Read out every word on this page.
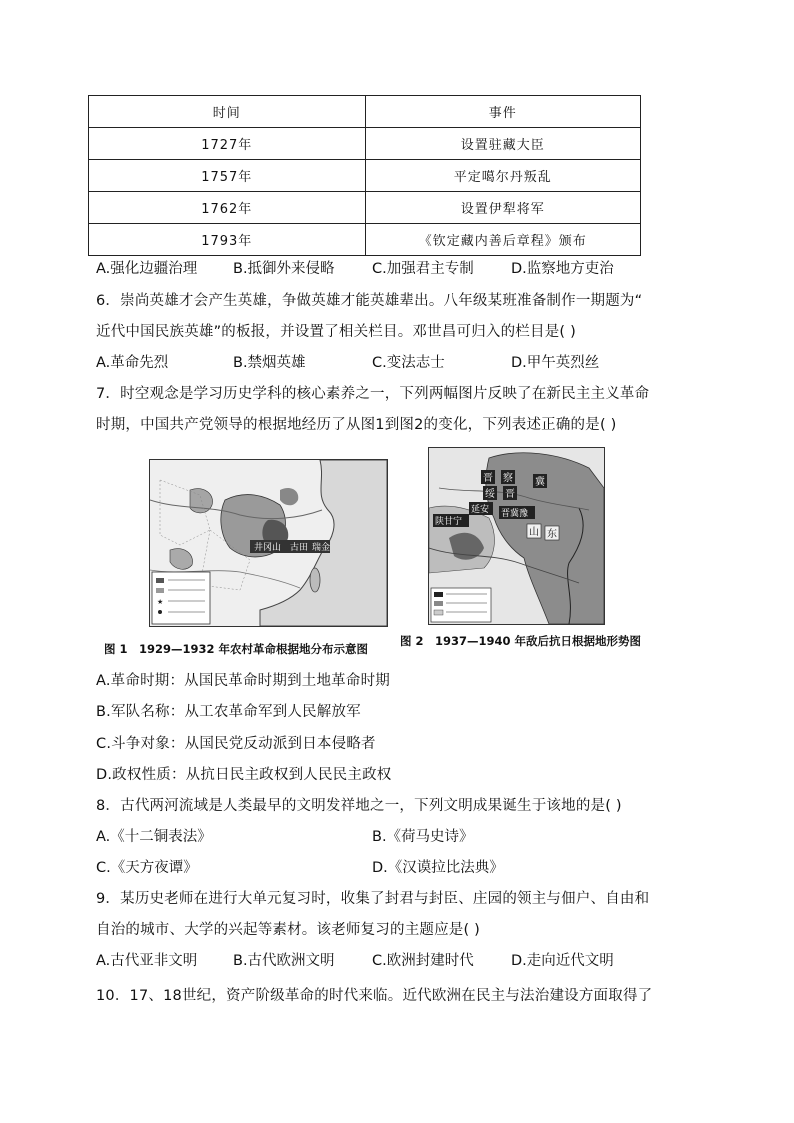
时间	事件
1727年	设置驻藏大臣
1757年	平定噶尔丹叛乱
1762年	设置伊犁将军
1793年	《钦定藏内善后章程》颁布
A.强化边疆治理 B.抵御外来侵略	C.加强君主专制	D.监察地方吏治
6．崇尚英雄才会产生英雄，争做英雄才能英雄辈出。八年级某班准备制作一期题为“
近代中国民族英雄”的板报，并设置了相关栏目。邓世昌可归入的栏目是( )
A.革命先烈	B.禁烟英雄	C.变法志士	D.甲午英烈丝
7．时空观念是学习历史学科的核心素养之一，下列两幅图片反映了在新民主主义革命
时期，中国共产党领导的根据地经历了从图1到图2的变化，下列表述正确的是( )
★
井冈山 古田 瑞金
图 1　1929—1932 年农村革命根据地分布示意图
晋 察 冀
绥 晋
延安 晋冀豫
陕甘宁
山 东
图 2　1937—1940 年敌后抗日根据地形势图
A.革命时期：从国民革命时期到土地革命时期
B.军队名称：从工农革命军到人民解放军
C.斗争对象：从国民党反动派到日本侵略者
D.政权性质：从抗日民主政权到人民民主政权
8．古代两河流域是人类最早的文明发祥地之一，下列文明成果诞生于该地的是( )
A.《十二铜表法》	B.《荷马史诗》
C.《天方夜谭》	D.《汉谟拉比法典》
9．某历史老师在进行大单元复习时，收集了封君与封臣、庄园的领主与佃户、自由和
自治的城市、大学的兴起等素材。该老师复习的主题应是( )
A.古代亚非文明 B.古代欧洲文明	C.欧洲封建时代	D.走向近代文明
10．17、18世纪，资产阶级革命的时代来临。近代欧洲在民主与法治建设方面取得了
